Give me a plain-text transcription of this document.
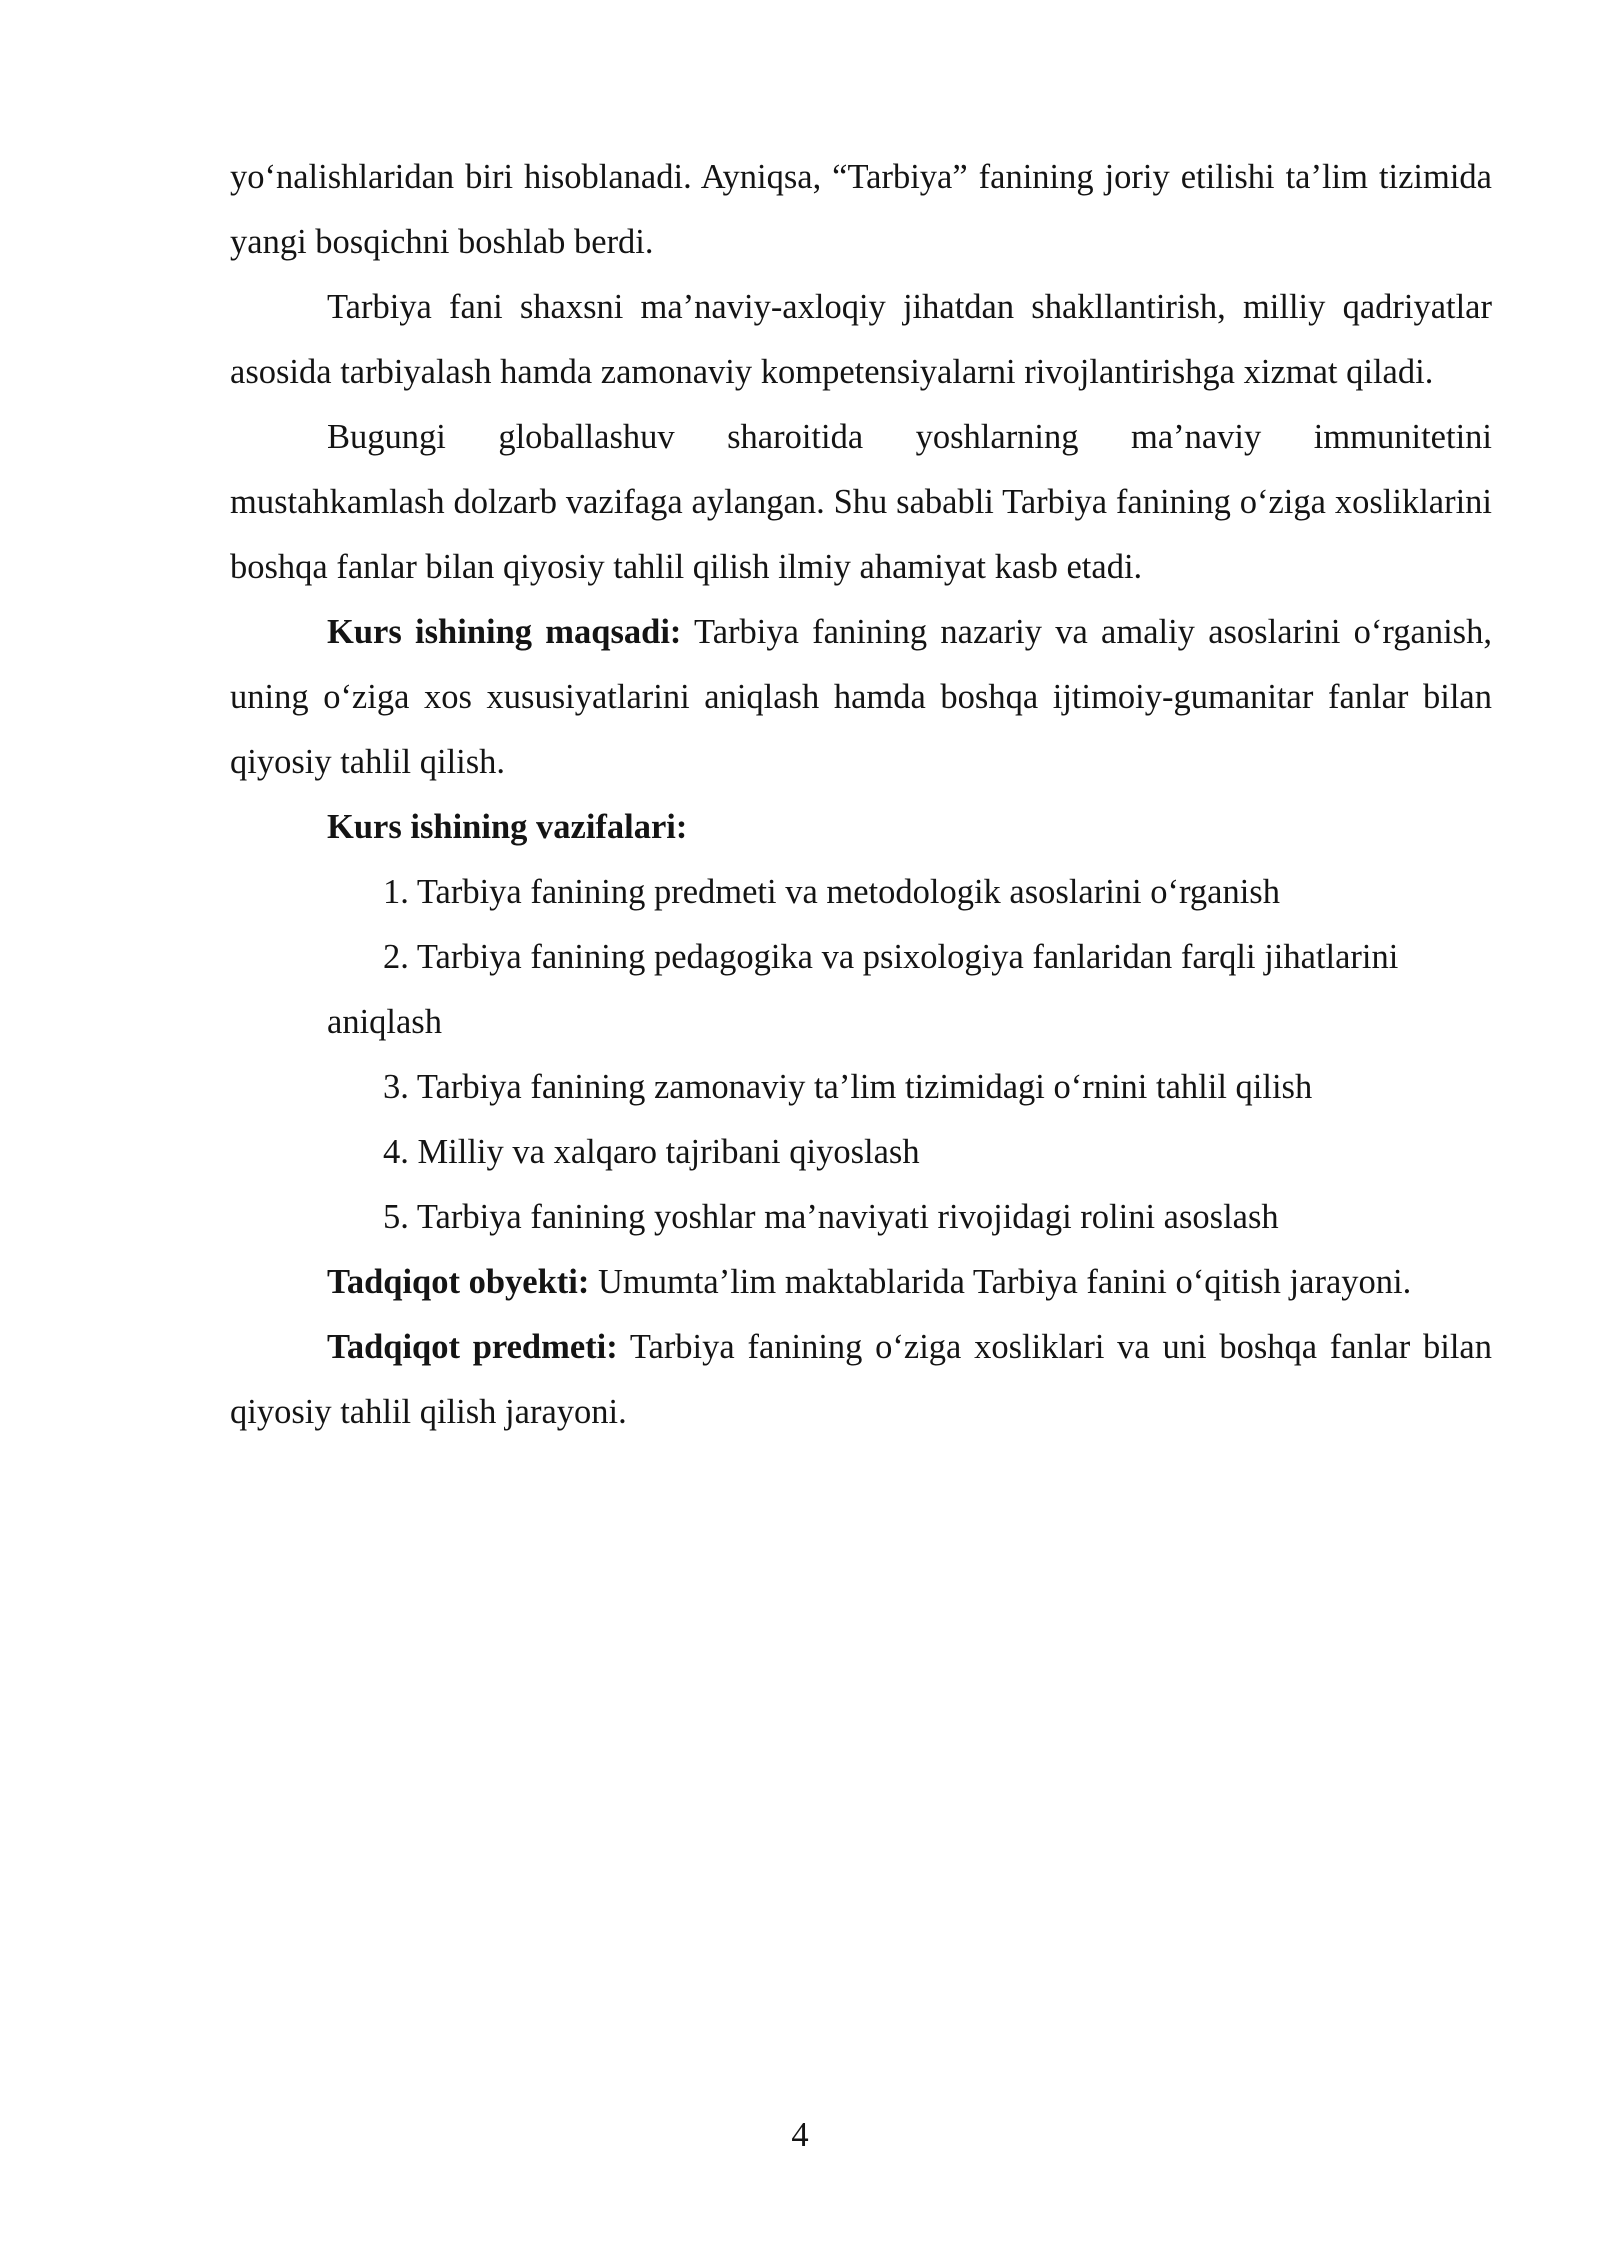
yo‘nalishlaridan biri hisoblanadi. Ayniqsa, “Tarbiya” fanining joriy etilishi ta’lim tizimida yangi bosqichni boshlab berdi.

Tarbiya fani shaxsni ma’naviy-axloqiy jihatdan shakllantirish, milliy qadriyatlar asosida tarbiyalash hamda zamonaviy kompetensiyalarni rivojlantirishga xizmat qiladi.

Bugungi globallashuv sharoitida yoshlarning ma’naviy immunitetini mustahkamlash dolzarb vazifaga aylangan. Shu sababli Tarbiya fanining o‘ziga xosliklarini boshqa fanlar bilan qiyosiy tahlil qilish ilmiy ahamiyat kasb etadi.

Kurs ishining maqsadi: Tarbiya fanining nazariy va amaliy asoslarini o‘rganish, uning o‘ziga xos xususiyatlarini aniqlash hamda boshqa ijtimoiy-gumanitar fanlar bilan qiyosiy tahlil qilish.

Kurs ishining vazifalari:

1. Tarbiya fanining predmeti va metodologik asoslarini o‘rganish

2. Tarbiya fanining pedagogika va psixologiya fanlaridan farqli jihatlarini aniqlash

3. Tarbiya fanining zamonaviy ta’lim tizimidagi o‘rnini tahlil qilish

4. Milliy va xalqaro tajribani qiyoslash

5. Tarbiya fanining yoshlar ma’naviyati rivojidagi rolini asoslash

Tadqiqot obyekti: Umumta’lim maktablarida Tarbiya fanini o‘qitish jarayoni.

Tadqiqot predmeti: Tarbiya fanining o‘ziga xosliklari va uni boshqa fanlar bilan qiyosiy tahlil qilish jarayoni.

4
